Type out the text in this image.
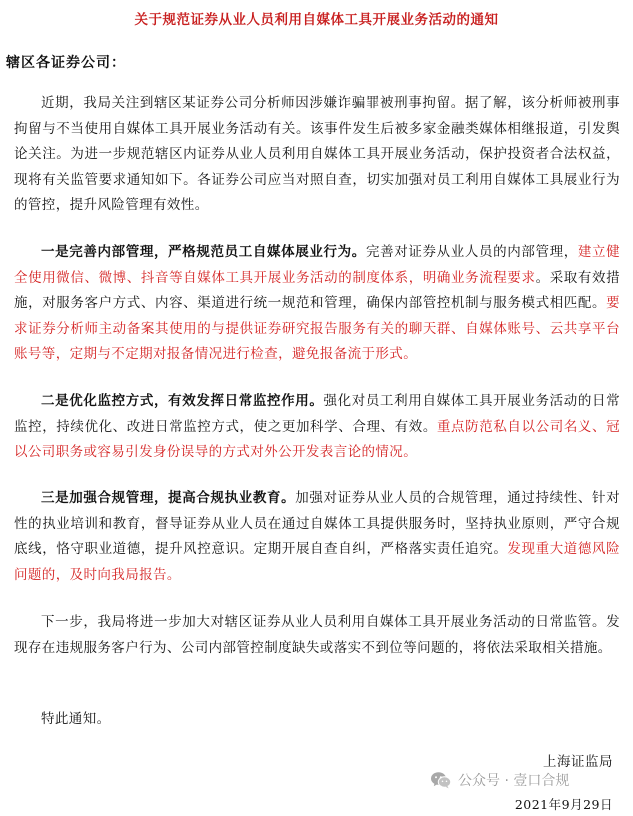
关于规范证券从业人员利用自媒体工具开展业务活动的通知
辖区各证券公司：

近期，我局关注到辖区某证券公司分析师因涉嫌诈骗罪被刑事拘留。据了解，该分析师被刑事拘留与不当使用自媒体工具开展业务活动有关。该事件发生后被多家金融类媒体相继报道，引发舆论关注。为进一步规范辖区内证券从业人员利用自媒体工具开展业务活动，保护投资者合法权益，现将有关监管要求通知如下。各证券公司应当对照自查，切实加强对员工利用自媒体工具展业行为的管控，提升风险管理有效性。

一是完善内部管理，严格规范员工自媒体展业行为。完善对证券从业人员的内部管理，建立健全使用微信、微博、抖音等自媒体工具开展业务活动的制度体系，明确业务流程要求。采取有效措施，对服务客户方式、内容、渠道进行统一规范和管理，确保内部管控机制与服务模式相匹配。要求证券分析师主动备案其使用的与提供证券研究报告服务有关的聊天群、自媒体账号、云共享平台账号等，定期与不定期对报备情况进行检查，避免报备流于形式。

二是优化监控方式，有效发挥日常监控作用。强化对员工利用自媒体工具开展业务活动的日常监控，持续优化、改进日常监控方式，使之更加科学、合理、有效。重点防范私自以公司名义、冠以公司职务或容易引发身份误导的方式对外公开发表言论的情况。

三是加强合规管理，提高合规执业教育。加强对证券从业人员的合规管理，通过持续性、针对性的执业培训和教育，督导证券从业人员在通过自媒体工具提供服务时，坚持执业原则，严守合规底线，恪守职业道德，提升风控意识。定期开展自查自纠，严格落实责任追究。发现重大道德风险问题的，及时向我局报告。

下一步，我局将进一步加大对辖区证券从业人员利用自媒体工具开展业务活动的日常监管。发现存在违规服务客户行为、公司内部管控制度缺失或落实不到位等问题的，将依法采取相关措施。

特此通知。

上海证监局
公众号 · 壹口合规
2021年9月29日
